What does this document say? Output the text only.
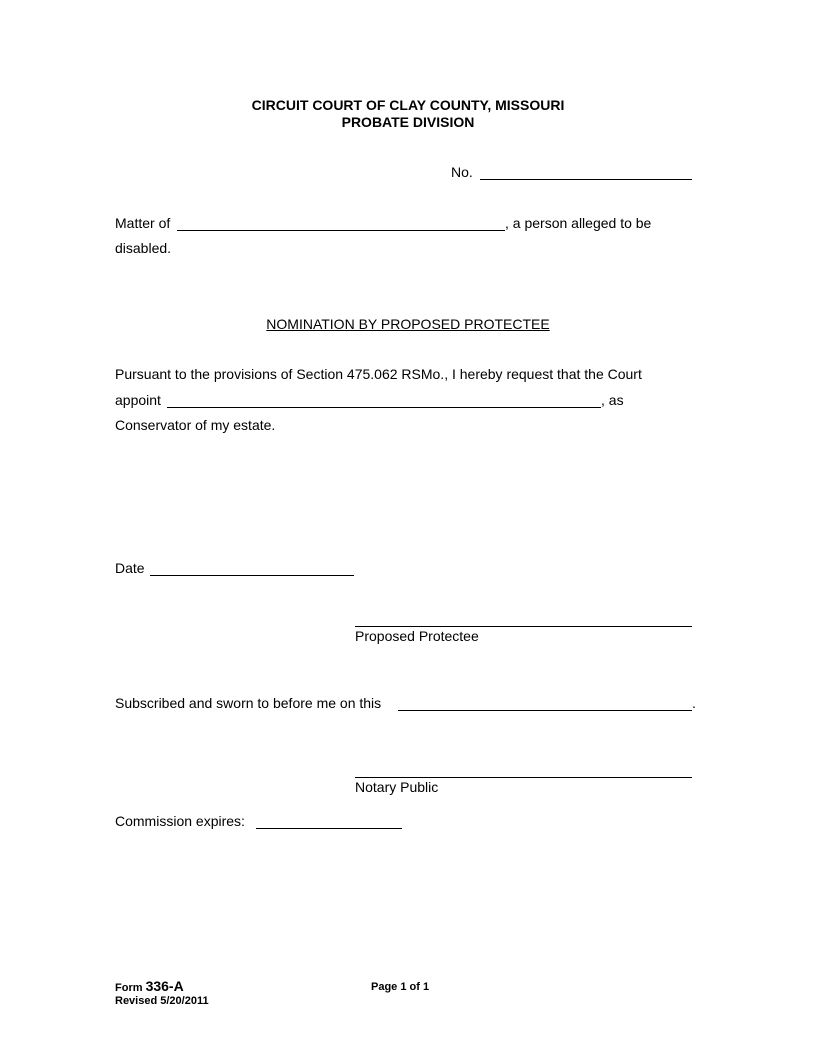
CIRCUIT COURT OF CLAY COUNTY, MISSOURI
PROBATE DIVISION
No.
Matter of	, a person alleged to be
disabled.
NOMINATION BY PROPOSED PROTECTEE
Pursuant to the provisions of Section 475.062 RSMo., I hereby request that the Court
appoint	, as
Conservator of my estate.
Date
Proposed Protectee
Subscribed and sworn to before me on this	.
Notary Public
Commission expires:
Form 336-A
Revised 5/20/2011
Page 1 of 1
